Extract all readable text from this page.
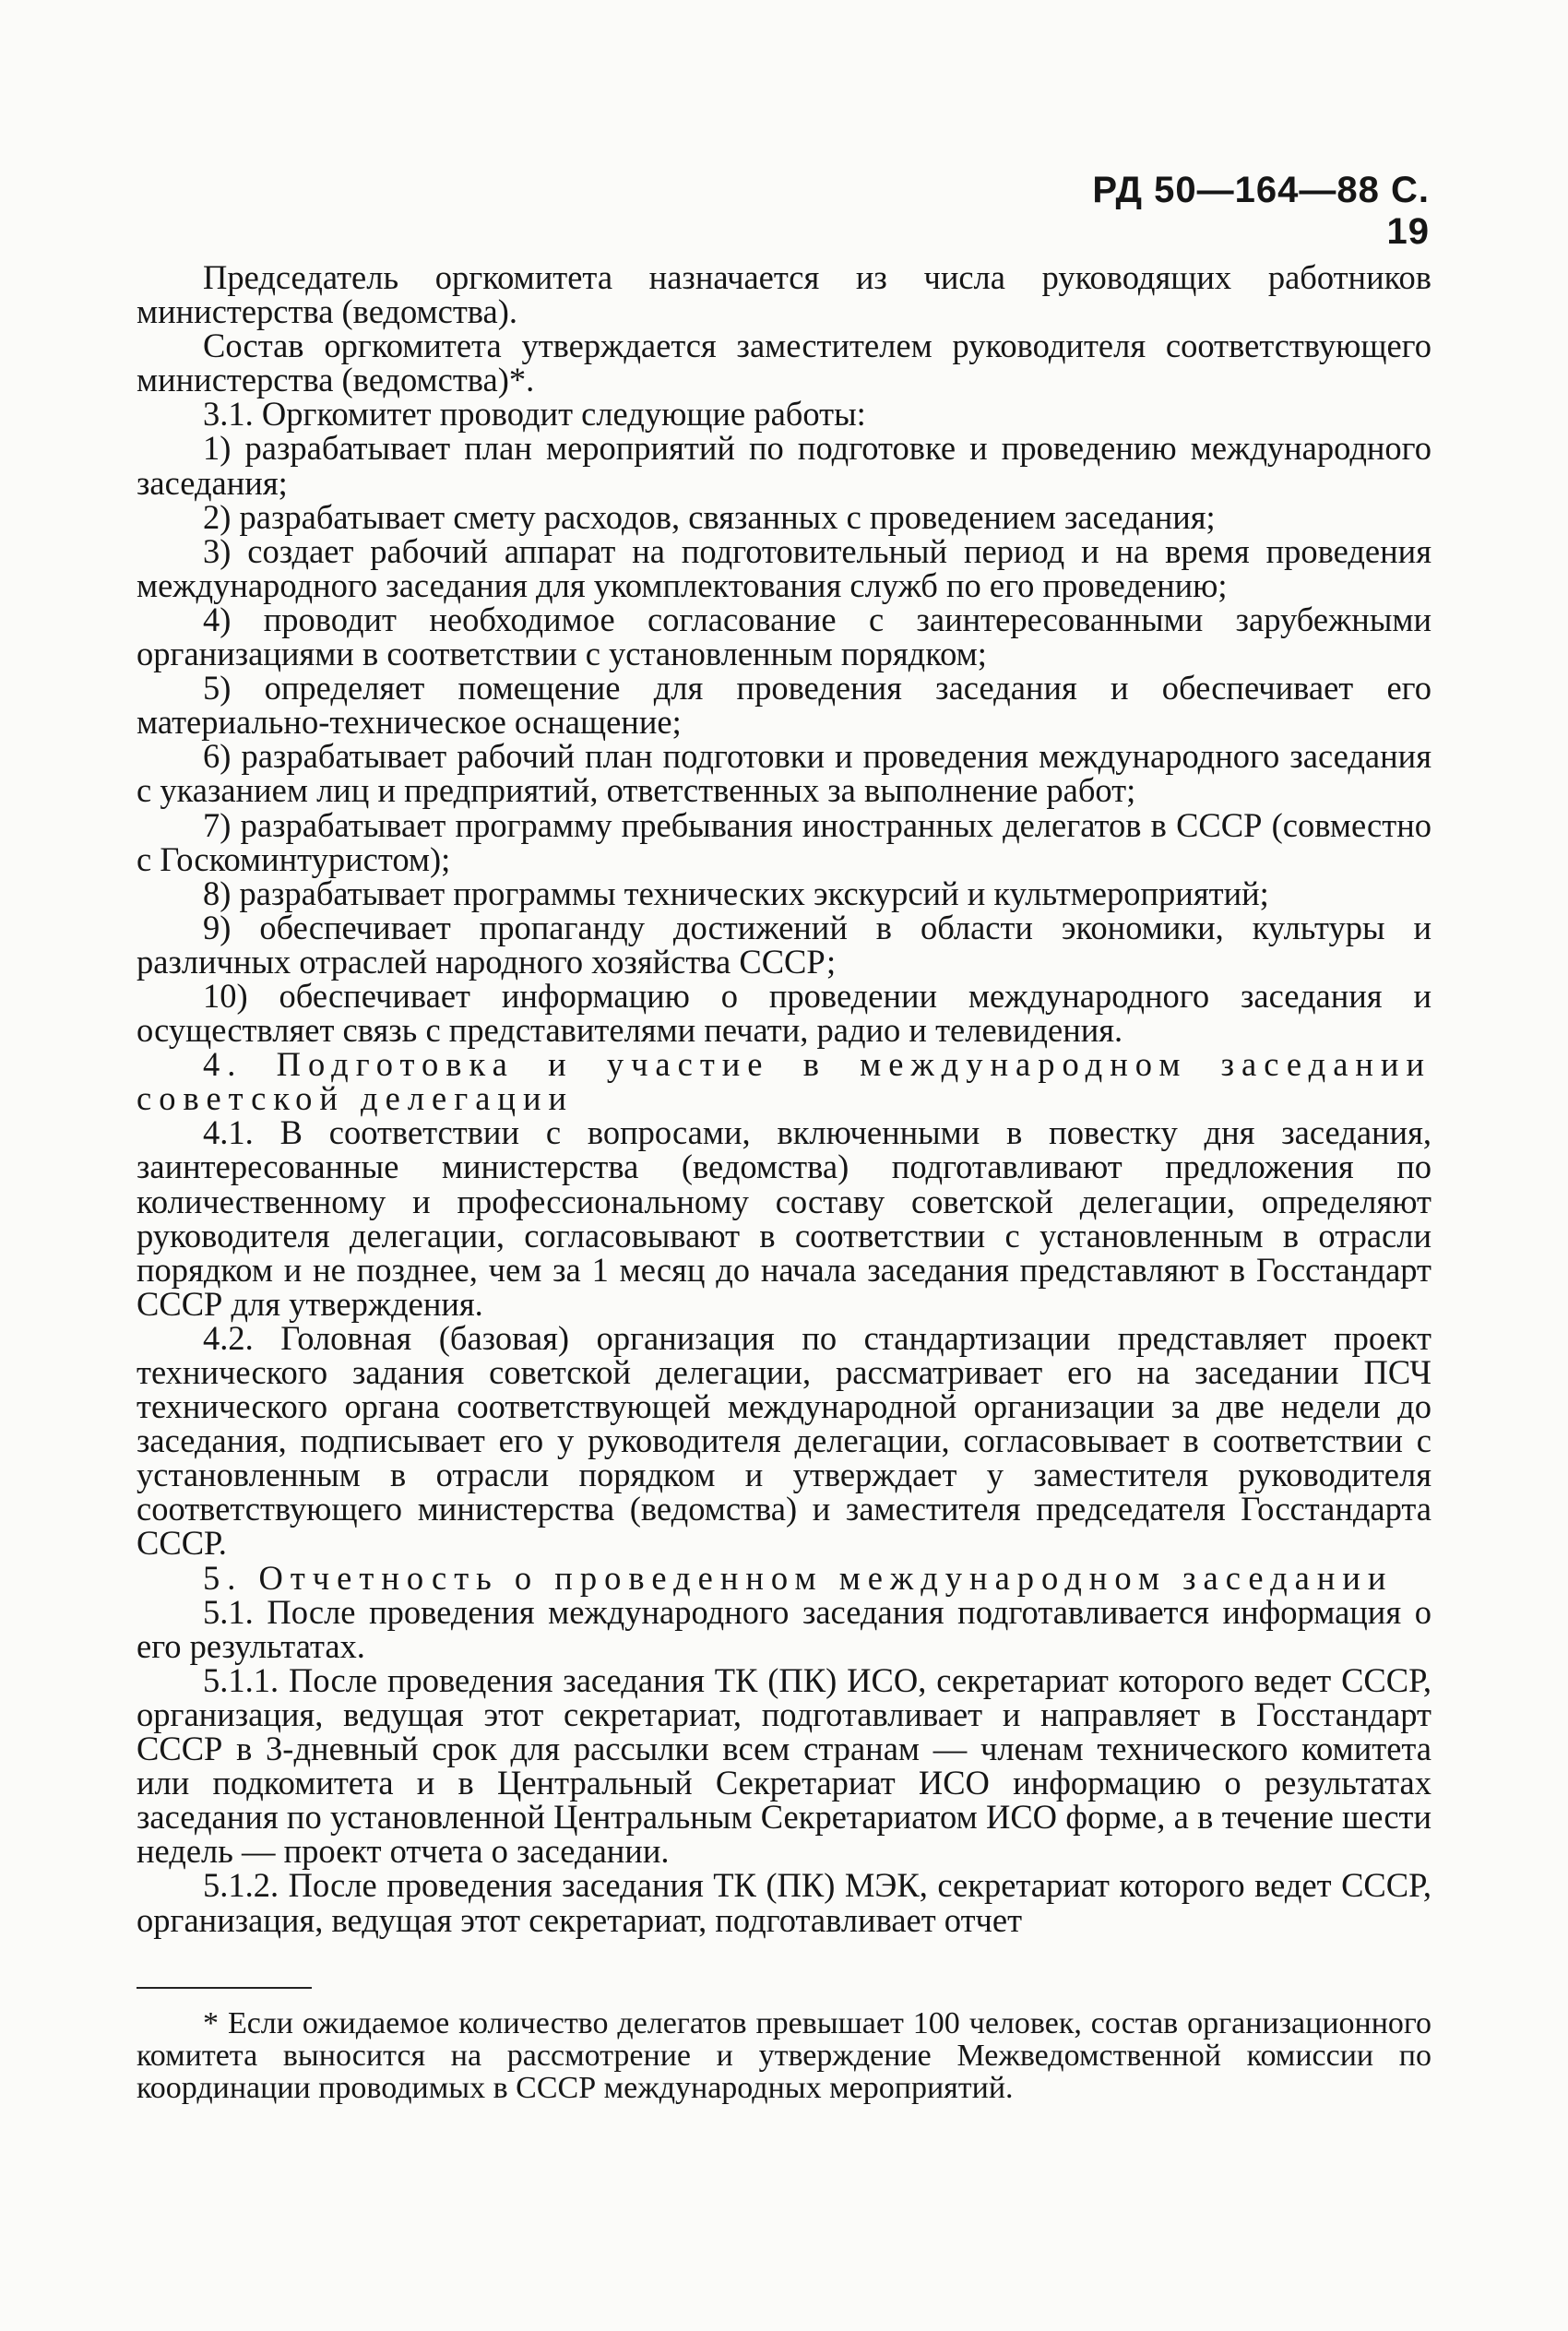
РД 50—164—88 С. 19

Председатель оргкомитета назначается из числа руководящих работников министерства (ведомства).

Состав оргкомитета утверждается заместителем руководителя соответствующего министерства (ведомства)*.

3.1. Оргкомитет проводит следующие работы:

1) разрабатывает план мероприятий по подготовке и проведению международного заседания;

2) разрабатывает смету расходов, связанных с проведением заседания;

3) создает рабочий аппарат на подготовительный период и на время проведения международного заседания для укомплектования служб по его проведению;

4) проводит необходимое согласование с заинтересованными зарубежными организациями в соответствии с установленным порядком;

5) определяет помещение для проведения заседания и обеспечивает его материально-техническое оснащение;

6) разрабатывает рабочий план подготовки и проведения международного заседания с указанием лиц и предприятий, ответственных за выполнение работ;

7) разрабатывает программу пребывания иностранных делегатов в СССР (совместно с Госкоминтуристом);

8) разрабатывает программы технических экскурсий и культмероприятий;

9) обеспечивает пропаганду достижений в области экономики, культуры и различных отраслей народного хозяйства СССР;

10) обеспечивает информацию о проведении международного заседания и осуществляет связь с представителями печати, радио и телевидения.

4. Подготовка и участие в международном заседании советской делегации

4.1. В соответствии с вопросами, включенными в повестку дня заседания, заинтересованные министерства (ведомства) подготавливают предложения по количественному и профессиональному составу советской делегации, определяют руководителя делегации, согласовывают в соответствии с установленным в отрасли порядком и не позднее, чем за 1 месяц до начала заседания представляют в Госстандарт СССР для утверждения.

4.2. Головная (базовая) организация по стандартизации представляет проект технического задания советской делегации, рассматривает его на заседании ПСЧ технического органа соответствующей международной организации за две недели до заседания, подписывает его у руководителя делегации, согласовывает в соответствии с установленным в отрасли порядком и утверждает у заместителя руководителя соответствующего министерства (ведомства) и заместителя председателя Госстандарта СССР.

5. Отчетность о проведенном международном заседании

5.1. После проведения международного заседания подготавливается информация о его результатах.

5.1.1. После проведения заседания ТК (ПК) ИСО, секретариат которого ведет СССР, организация, ведущая этот секретариат, подготавливает и направляет в Госстандарт СССР в 3-дневный срок для рассылки всем странам — членам технического комитета или подкомитета и в Центральный Секретариат ИСО информацию о результатах заседания по установленной Центральным Секретариатом ИСО форме, а в течение шести недель — проект отчета о заседании.

5.1.2. После проведения заседания ТК (ПК) МЭК, секретариат которого ведет СССР, организация, ведущая этот секретариат, подготавливает отчет

* Если ожидаемое количество делегатов превышает 100 человек, состав организационного комитета выносится на рассмотрение и утверждение Межведомственной комиссии по координации проводимых в СССР международных мероприятий.
